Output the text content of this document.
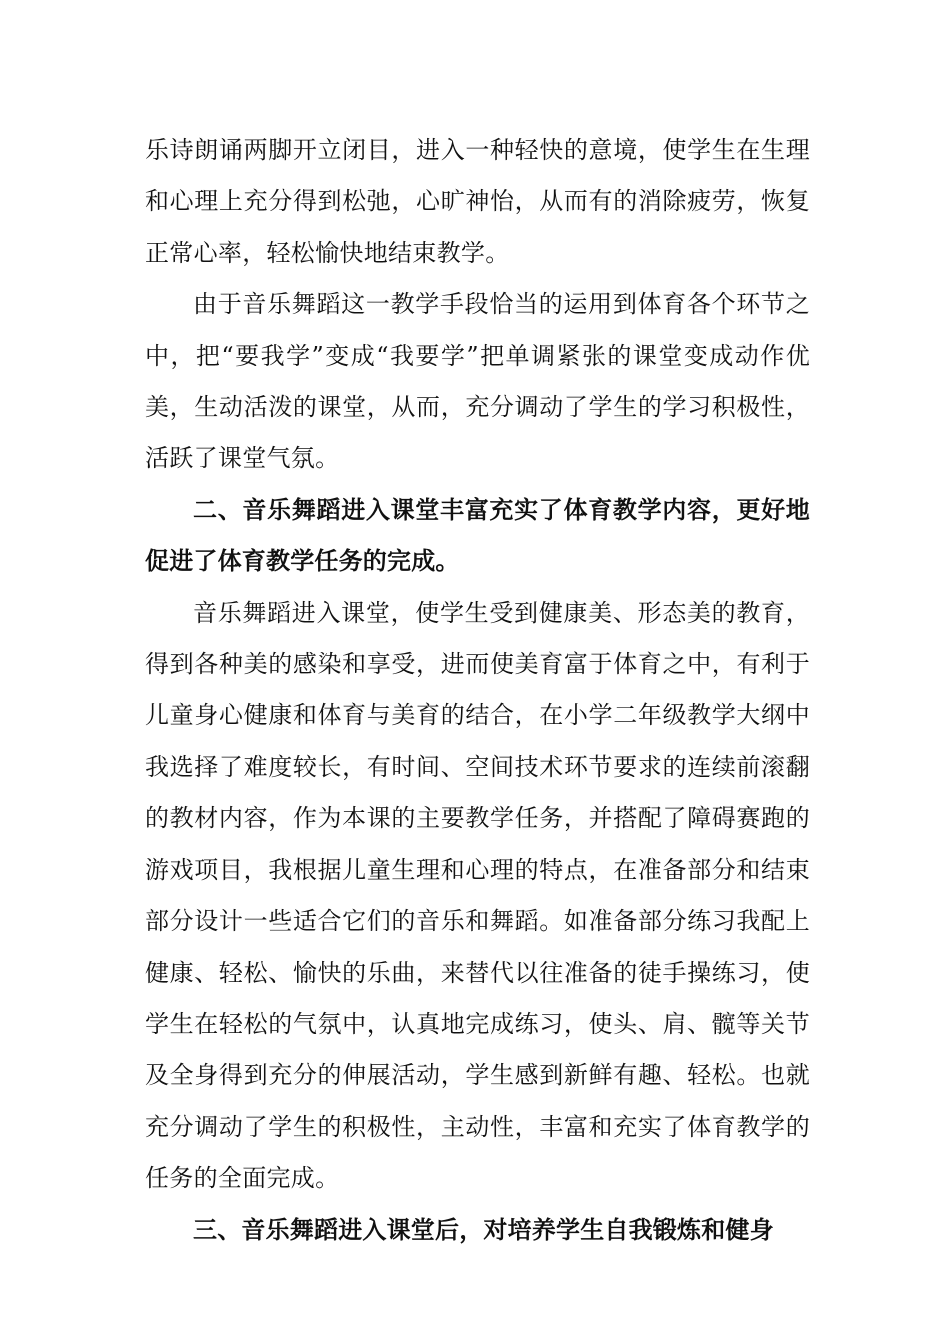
乐诗朗诵两脚开立闭目，进入一种轻快的意境，使学生在生理和心理上充分得到松弛，心旷神怡，从而有的消除疲劳，恢复正常心率，轻松愉快地结束教学。

由于音乐舞蹈这一教学手段恰当的运用到体育各个环节之中，把“要我学”变成“我要学”把单调紧张的课堂变成动作优美，生动活泼的课堂，从而，充分调动了学生的学习积极性，活跃了课堂气氛。

二、音乐舞蹈进入课堂丰富充实了体育教学内容，更好地促进了体育教学任务的完成。

音乐舞蹈进入课堂，使学生受到健康美、形态美的教育，得到各种美的感染和享受，进而使美育富于体育之中，有利于儿童身心健康和体育与美育的结合，在小学二年级教学大纲中我选择了难度较长，有时间、空间技术环节要求的连续前滚翻的教材内容，作为本课的主要教学任务，并搭配了障碍赛跑的游戏项目，我根据儿童生理和心理的特点，在准备部分和结束部分设计一些适合它们的音乐和舞蹈。如准备部分练习我配上健康、轻松、愉快的乐曲，来替代以往准备的徒手操练习，使学生在轻松的气氛中，认真地完成练习，使头、肩、髋等关节及全身得到充分的伸展活动，学生感到新鲜有趣、轻松。也就充分调动了学生的积极性，主动性，丰富和充实了体育教学的任务的全面完成。

三、音乐舞蹈进入课堂后，对培养学生自我锻炼和健身
